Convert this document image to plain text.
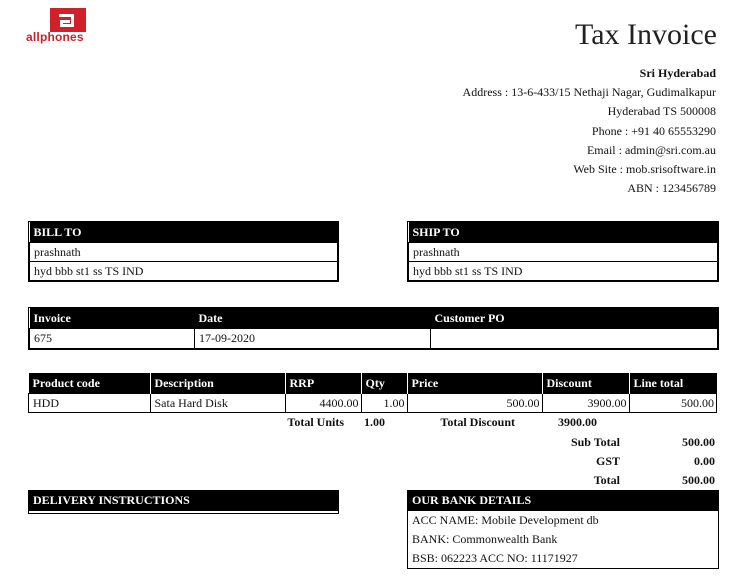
allphones	Tax Invoice
Sri Hyderabad
Address : 13-6-433/15 Nethaji Nagar, Gudimalkapur
Hyderabad TS 500008
Phone : +91 40 65553290
Email : admin@sri.com.au
Web Site : mob.srisoftware.in
ABN : 123456789
BILL TO
prashnath
hyd bbb st1 ss TS IND
SHIP TO
prashnath
hyd bbb st1 ss TS IND
Invoice	Date	Customer PO
675	17-09-2020	
Product code	Description	RRP	Qty	Price	Discount	Line total
HDD	Sata Hard Disk	4400.00	1.00	500.00	3900.00	500.00
		Total Units	1.00	Total Discount	3900.00	
Sub Total	500.00
GST	0.00
Total	500.00
DELIVERY INSTRUCTIONS	OUR BANK DETAILS
ACC NAME: Mobile Development db
BANK: Commonwealth Bank
BSB: 062223 ACC NO: 11171927
